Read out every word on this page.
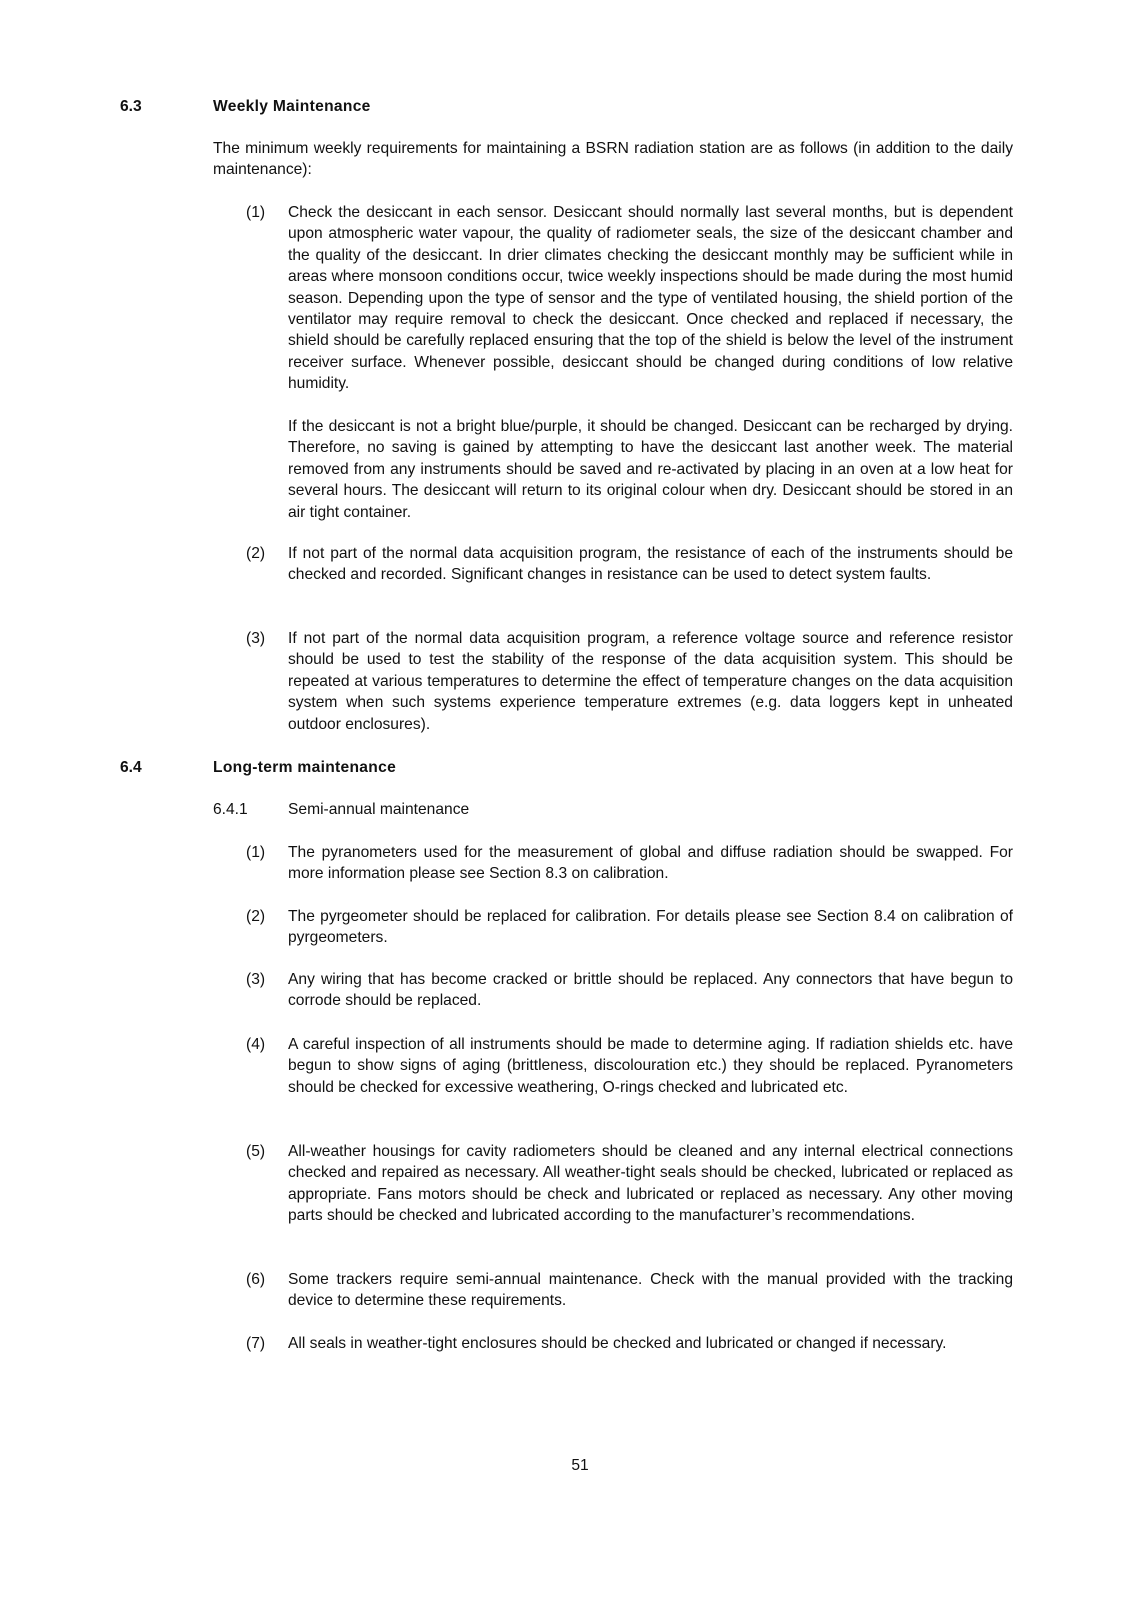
6.3	Weekly Maintenance
The minimum weekly requirements for maintaining a BSRN radiation station are as follows (in addition to the daily maintenance):
(1) Check the desiccant in each sensor. Desiccant should normally last several months, but is dependent upon atmospheric water vapour, the quality of radiometer seals, the size of the desiccant chamber and the quality of the desiccant. In drier climates checking the desiccant monthly may be sufficient while in areas where monsoon conditions occur, twice weekly inspections should be made during the most humid season. Depending upon the type of sensor and the type of ventilated housing, the shield portion of the ventilator may require removal to check the desiccant. Once checked and replaced if necessary, the shield should be carefully replaced ensuring that the top of the shield is below the level of the instrument receiver surface. Whenever possible, desiccant should be changed during conditions of low relative humidity.

If the desiccant is not a bright blue/purple, it should be changed. Desiccant can be recharged by drying. Therefore, no saving is gained by attempting to have the desiccant last another week. The material removed from any instruments should be saved and re-activated by placing in an oven at a low heat for several hours. The desiccant will return to its original colour when dry. Desiccant should be stored in an air tight container.

(2) If not part of the normal data acquisition program, the resistance of each of the instruments should be checked and recorded. Significant changes in resistance can be used to detect system faults.

(3) If not part of the normal data acquisition program, a reference voltage source and reference resistor should be used to test the stability of the response of the data acquisition system. This should be repeated at various temperatures to determine the effect of temperature changes on the data acquisition system when such systems experience temperature extremes (e.g. data loggers kept in unheated outdoor enclosures).

6.4	Long-term maintenance
6.4.1	Semi-annual maintenance
(1) The pyranometers used for the measurement of global and diffuse radiation should be swapped. For more information please see Section 8.3 on calibration.
(2) The pyrgeometer should be replaced for calibration. For details please see Section 8.4 on calibration of pyrgeometers.
(3) Any wiring that has become cracked or brittle should be replaced. Any connectors that have begun to corrode should be replaced.
(4) A careful inspection of all instruments should be made to determine aging. If radiation shields etc. have begun to show signs of aging (brittleness, discolouration etc.) they should be replaced. Pyranometers should be checked for excessive weathering, O-rings checked and lubricated etc.
(5) All-weather housings for cavity radiometers should be cleaned and any internal electrical connections checked and repaired as necessary. All weather-tight seals should be checked, lubricated or replaced as appropriate. Fans motors should be check and lubricated or replaced as necessary. Any other moving parts should be checked and lubricated according to the manufacturer’s recommendations.
(6) Some trackers require semi-annual maintenance. Check with the manual provided with the tracking device to determine these requirements.
(7) All seals in weather-tight enclosures should be checked and lubricated or changed if necessary.
51
